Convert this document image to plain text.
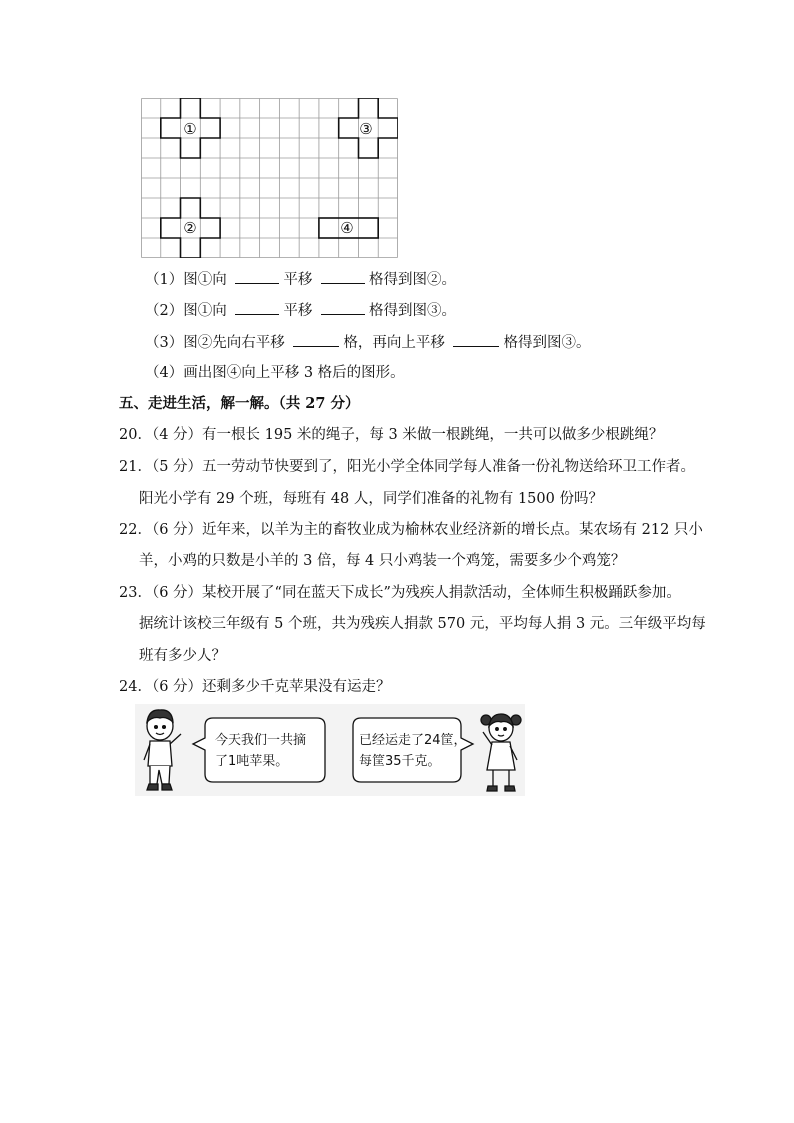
①
②
③
④
（1）图①向	平移	格得到图②。
（2）图①向	平移	格得到图③。
（3）图②先向右平移	格，再向上平移	格得到图③。
（4）画出图④向上平移 3 格后的图形。
五、走进生活，解一解。（共 27 分）
20．（4 分）有一根长 195 米的绳子，每 3 米做一根跳绳，一共可以做多少根跳绳？
21．（5 分）五一劳动节快要到了，阳光小学全体同学每人准备一份礼物送给环卫工作者。
阳光小学有 29 个班，每班有 48 人，同学们准备的礼物有 1500 份吗？
22．（6 分）近年来，以羊为主的畜牧业成为榆林农业经济新的增长点。某农场有 212 只小
羊，小鸡的只数是小羊的 3 倍，每 4 只小鸡装一个鸡笼，需要多少个鸡笼？
23．（6 分）某校开展了“同在蓝天下成长”为残疾人捐款活动，全体师生积极踊跃参加。
据统计该校三年级有 5 个班，共为残疾人捐款 570 元，平均每人捐 3 元。三年级平均每
班有多少人？
24．（6 分）还剩多少千克苹果没有运走？
今天我们一共摘
了1吨苹果。
已经运走了24筐，
每筐35千克。
